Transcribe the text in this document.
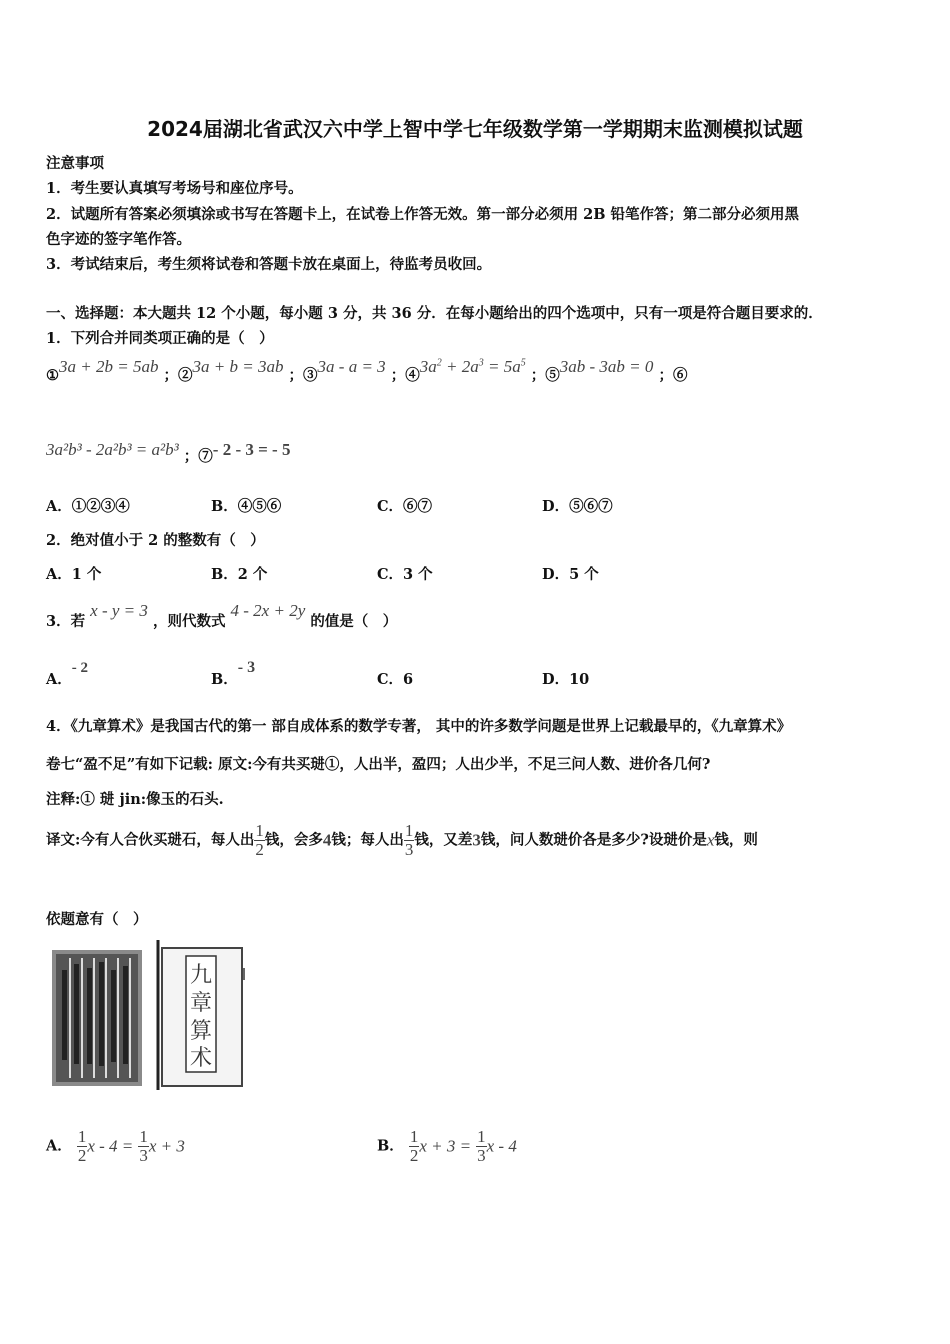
2024届湖北省武汉六中学上智中学七年级数学第一学期期末监测模拟试题
注意事项
1．考生要认真填写考场号和座位序号。
2．试题所有答案必须填涂或书写在答题卡上，在试卷上作答无效。第一部分必须用 2B 铅笔作答；第二部分必须用黑
色字迹的签字笔作答。
3．考试结束后，考生须将试卷和答题卡放在桌面上，待监考员收回。
一、选择题：本大题共 12 个小题，每小题 3 分，共 36 分．在每小题给出的四个选项中，只有一项是符合题目要求的．
1．下列合并同类项正确的是（　）
①3a + 2b = 5ab ；②3a + b = 3ab ；③3a - a = 3 ；$④3a^2 + 2a^3 = 5a^5$ ；⑤3ab - 3ab = 0 ；⑥
3a²b³ - 2a²b³ = a²b³ ；⑦- 2 - 3 = - 5
A．①②③④	B．④⑤⑥	C．⑥⑦	D．⑤⑥⑦
2．绝对值小于 2 的整数有（　）
A．1 个	B．2 个	C．3 个	D．5 个
3．若 x - y = 3 ，则代数式 4 - 2x + 2y 的值是（　）
A．- 2
B．- 3
C．6	D．10
4．《九章算术》是我国古代的第一 部自成体系的数学专著， 其中的许多数学问题是世界上记载最早的，《九章算术》
卷七“盈不足”有如下记载: 原文:今有共买琎①，人出半，盈四；人出少半，不足三问人数、进价各几何?
注释:① 琎 jin:像玉的石头.
译文:今有人合伙买琎石，每人出 $\frac{1}{2}$ 钱，会多4钱；每人出 $\frac{1}{3}$ 钱，又差3钱，问人数琎价各是多少?设琎价是x钱，则
依题意有（　）
九
章
算
术
A． $\frac{1}{2}$ $x - 4 = \frac{1}{3}$ x + 3	B． $\frac{1}{2}$ $x + 3 = \frac{1}{3}$ x - 4
